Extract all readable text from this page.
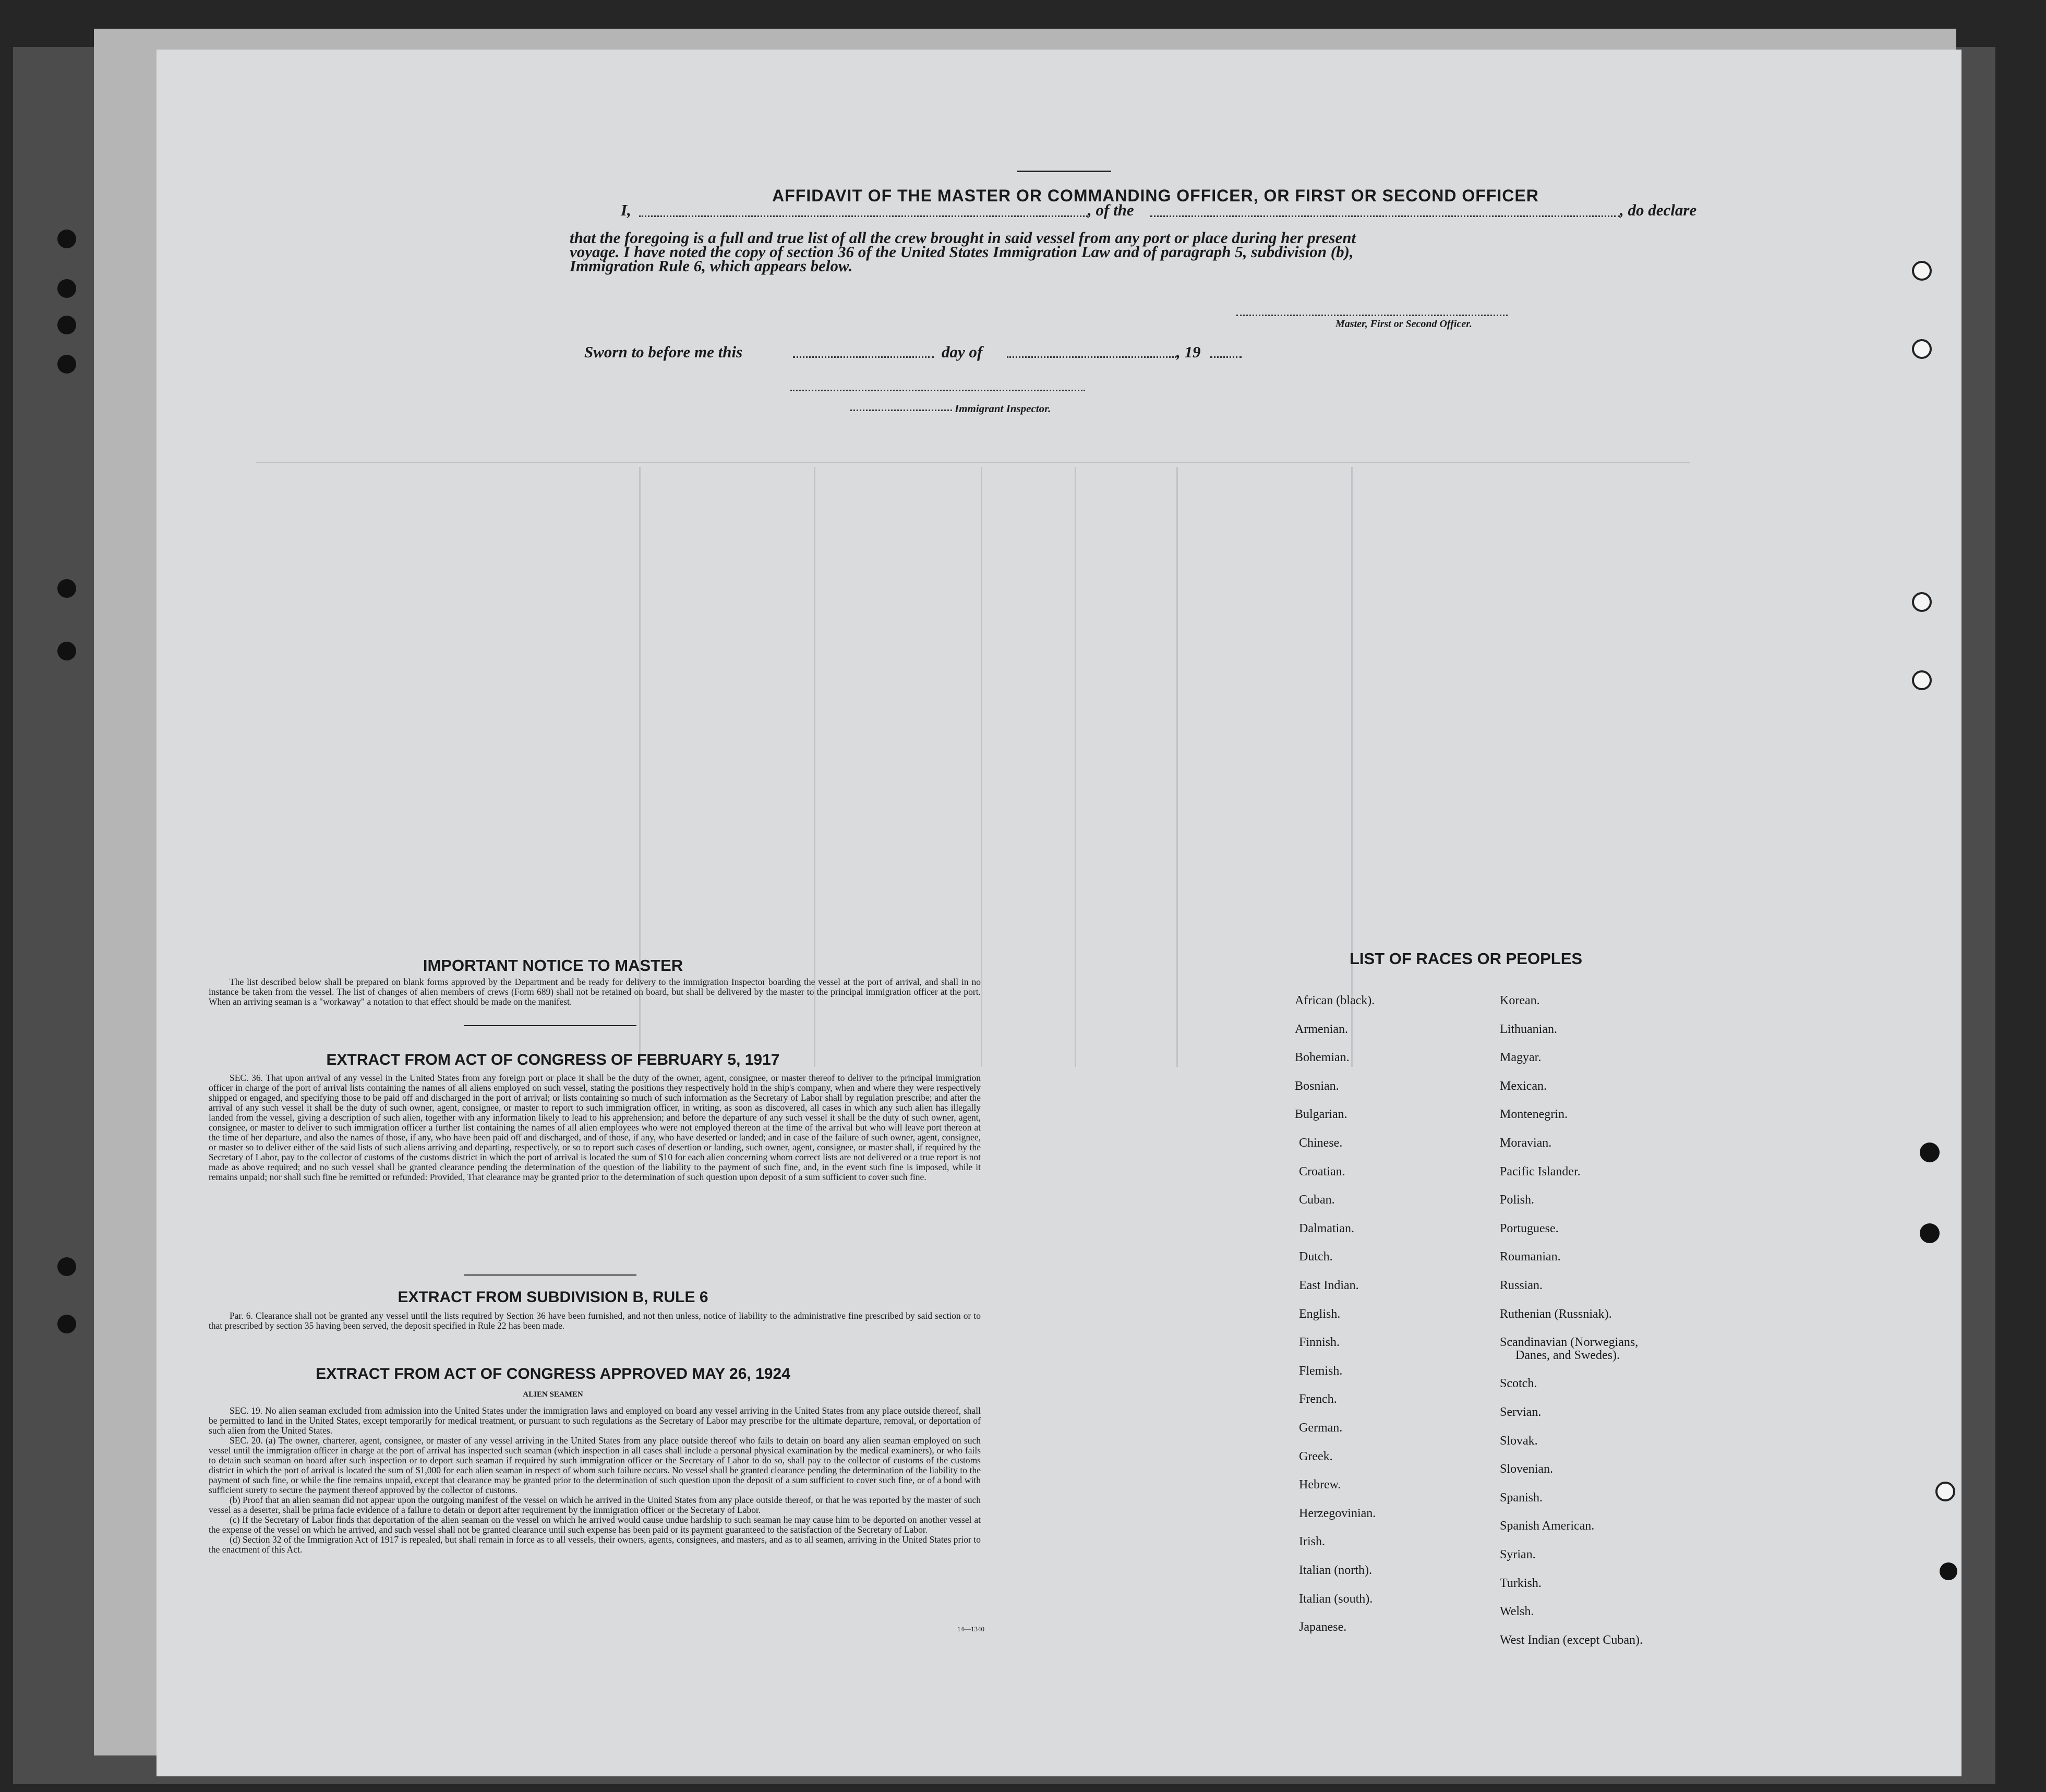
AFFIDAVIT OF THE MASTER OR COMMANDING OFFICER, OR FIRST OR SECOND OFFICER
I,	, of the	, do declare
that the foregoing is a full and true list of all the crew brought in said vessel from any port or place during her present
voyage. I have noted the copy of section 36 of the United States Immigration Law and of paragraph 5, subdivision (b),
Immigration Rule 6, which appears below.
Master, First or Second Officer.
Sworn to before me this	day of	, 19
Immigrant Inspector.
IMPORTANT NOTICE TO MASTER

The list described below shall be prepared on blank forms approved by the Department and be ready for delivery to the immigration Inspector boarding the vessel at the port of arrival, and shall in no instance be taken from the vessel. The list of changes of alien members of crews (Form 689) shall not be retained on board, but shall be delivered by the master to the principal immigration officer at the port. When an arriving seaman is a "workaway" a notation to that effect should be made on the manifest.

EXTRACT FROM ACT OF CONGRESS OF FEBRUARY 5, 1917

SEC. 36. That upon arrival of any vessel in the United States from any foreign port or place it shall be the duty of the owner, agent, consignee, or master thereof to deliver to the principal immigration officer in charge of the port of arrival lists containing the names of all aliens employed on such vessel, stating the positions they respectively hold in the ship's company, when and where they were respectively shipped or engaged, and specifying those to be paid off and discharged in the port of arrival; or lists containing so much of such information as the Secretary of Labor shall by regulation prescribe; and after the arrival of any such vessel it shall be the duty of such owner, agent, consignee, or master to report to such immigration officer, in writing, as soon as discovered, all cases in which any such alien has illegally landed from the vessel, giving a description of such alien, together with any information likely to lead to his apprehension; and before the departure of any such vessel it shall be the duty of such owner, agent, consignee, or master to deliver to such immigration officer a further list containing the names of all alien employees who were not employed thereon at the time of the arrival but who will leave port thereon at the time of her departure, and also the names of those, if any, who have been paid off and discharged, and of those, if any, who have deserted or landed; and in case of the failure of such owner, agent, consignee, or master so to deliver either of the said lists of such aliens arriving and departing, respectively, or so to report such cases of desertion or landing, such owner, agent, consignee, or master shall, if required by the Secretary of Labor, pay to the collector of customs of the customs district in which the port of arrival is located the sum of $10 for each alien concerning whom correct lists are not delivered or a true report is not made as above required; and no such vessel shall be granted clearance pending the determination of the question of the liability to the payment of such fine, and, in the event such fine is imposed, while it remains unpaid; nor shall such fine be remitted or refunded: Provided, That clearance may be granted prior to the determination of such question upon deposit of a sum sufficient to cover such fine.

EXTRACT FROM SUBDIVISION B, RULE 6

Par. 6. Clearance shall not be granted any vessel until the lists required by Section 36 have been furnished, and not then unless, notice of liability to the administrative fine prescribed by said section or to that prescribed by section 35 having been served, the deposit specified in Rule 22 has been made.

EXTRACT FROM ACT OF CONGRESS APPROVED MAY 26, 1924
ALIEN SEAMEN

SEC. 19. No alien seaman excluded from admission into the United States under the immigration laws and employed on board any vessel arriving in the United States from any place outside thereof, shall be permitted to land in the United States, except temporarily for medical treatment, or pursuant to such regulations as the Secretary of Labor may prescribe for the ultimate departure, removal, or deportation of such alien from the United States.

SEC. 20. (a) The owner, charterer, agent, consignee, or master of any vessel arriving in the United States from any place outside thereof who fails to detain on board any alien seaman employed on such vessel until the immigration officer in charge at the port of arrival has inspected such seaman (which inspection in all cases shall include a personal physical examination by the medical examiners), or who fails to detain such seaman on board after such inspection or to deport such seaman if required by such immigration officer or the Secretary of Labor to do so, shall pay to the collector of customs of the customs district in which the port of arrival is located the sum of $1,000 for each alien seaman in respect of whom such failure occurs. No vessel shall be granted clearance pending the determination of the liability to the payment of such fine, or while the fine remains unpaid, except that clearance may be granted prior to the determination of such question upon the deposit of a sum sufficient to cover such fine, or of a bond with sufficient surety to secure the payment thereof approved by the collector of customs.

(b) Proof that an alien seaman did not appear upon the outgoing manifest of the vessel on which he arrived in the United States from any place outside thereof, or that he was reported by the master of such vessel as a deserter, shall be prima facie evidence of a failure to detain or deport after requirement by the immigration officer or the Secretary of Labor.

(c) If the Secretary of Labor finds that deportation of the alien seaman on the vessel on which he arrived would cause undue hardship to such seaman he may cause him to be deported on another vessel at the expense of the vessel on which he arrived, and such vessel shall not be granted clearance until such expense has been paid or its payment guaranteed to the satisfaction of the Secretary of Labor.

(d) Section 32 of the Immigration Act of 1917 is repealed, but shall remain in force as to all vessels, their owners, agents, consignees, and masters, and as to all seamen, arriving in the United States prior to the enactment of this Act.

14—1340
LIST OF RACES OR PEOPLES
African (black).
Armenian.
Bohemian.
Bosnian.
Bulgarian.
Chinese.
Croatian.
Cuban.
Dalmatian.
Dutch.
East Indian.
English.
Finnish.
Flemish.
French.
German.
Greek.
Hebrew.
Herzegovinian.
Irish.
Italian (north).
Italian (south).
Japanese.
Korean.
Lithuanian.
Magyar.
Mexican.
Montenegrin.
Moravian.
Pacific Islander.
Polish.
Portuguese.
Roumanian.
Russian.
Ruthenian (Russniak).
Scandinavian (Norwegians,
Danes, and Swedes).
Scotch.
Servian.
Slovak.
Slovenian.
Spanish.
Spanish American.
Syrian.
Turkish.
Welsh.
West Indian (except Cuban).
